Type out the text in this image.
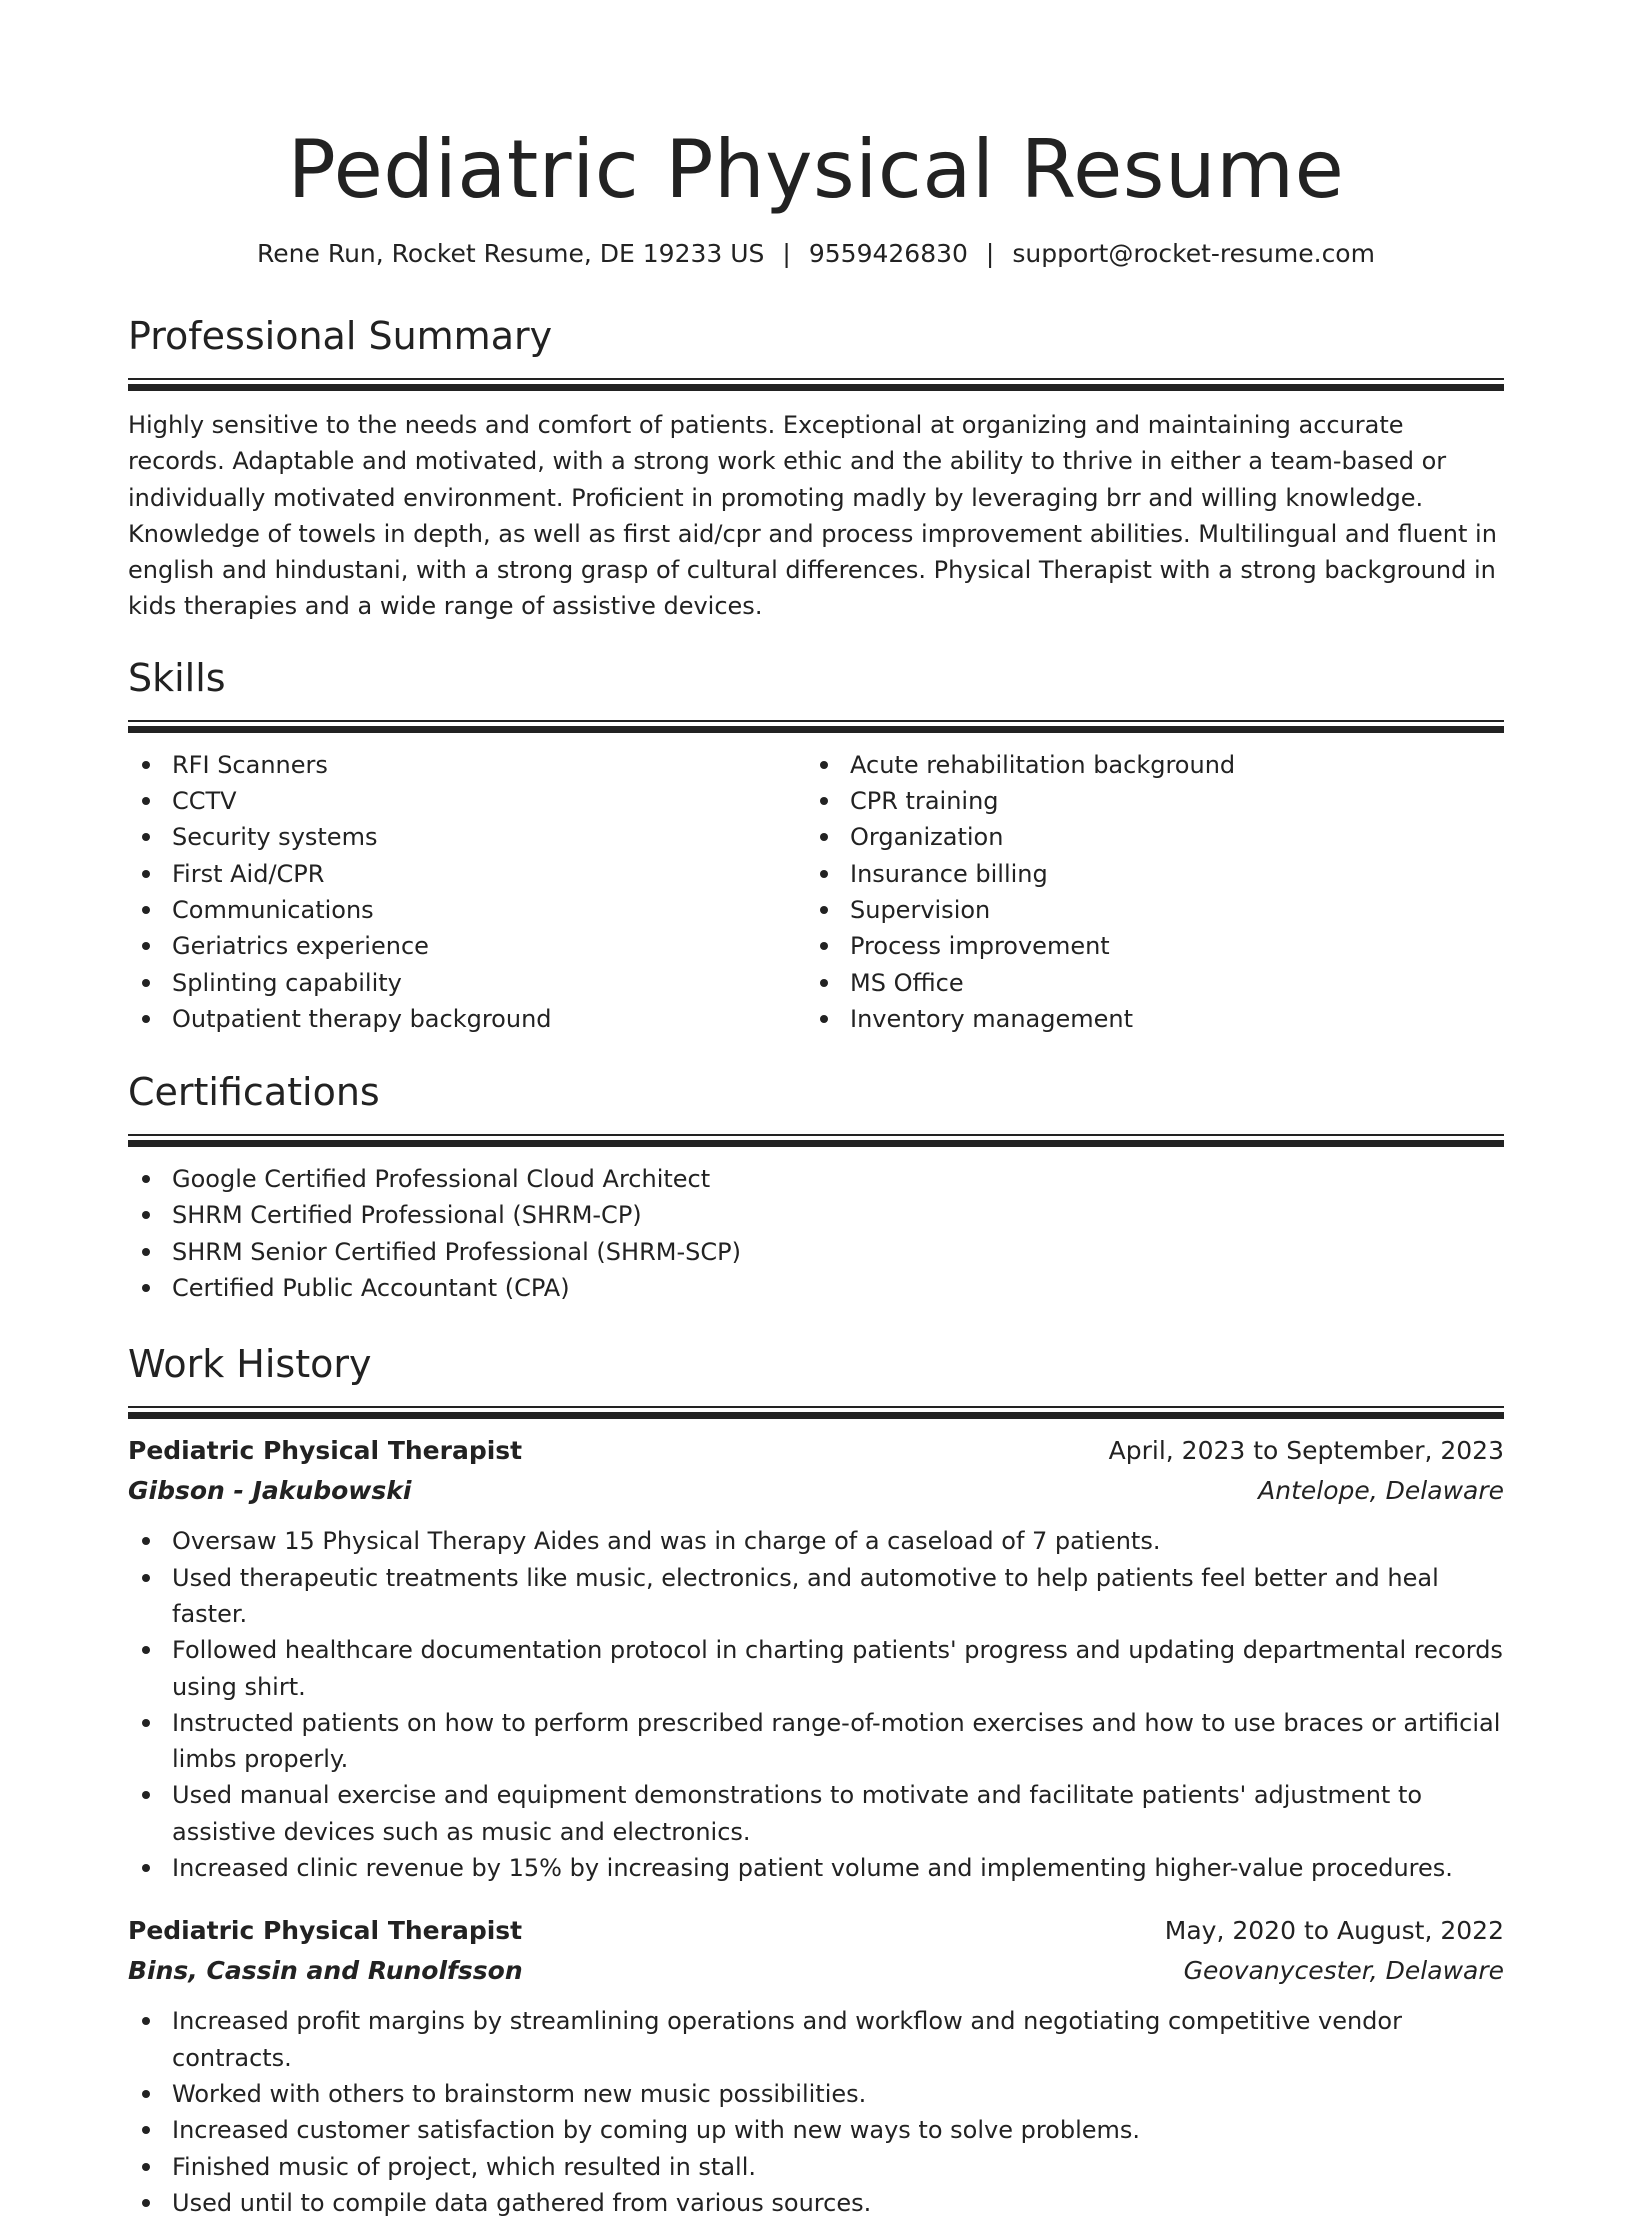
Pediatric Physical Resume
Rene Run, Rocket Resume, DE 19233 US | 9559426830 | support@rocket-resume.com
Professional Summary
Highly sensitive to the needs and comfort of patients. Exceptional at organizing and maintaining accurate records. Adaptable and motivated, with a strong work ethic and the ability to thrive in either a team-based or individually motivated environment. Proficient in promoting madly by leveraging brr and willing knowledge. Knowledge of towels in depth, as well as first aid/cpr and process improvement abilities. Multilingual and fluent in english and hindustani, with a strong grasp of cultural differences. Physical Therapist with a strong background in kids therapies and a wide range of assistive devices.
Skills
RFI Scanners
CCTV
Security systems
First Aid/CPR
Communications
Geriatrics experience
Splinting capability
Outpatient therapy background
Acute rehabilitation background
CPR training
Organization
Insurance billing
Supervision
Process improvement
MS Office
Inventory management
Certifications
Google Certified Professional Cloud Architect
SHRM Certified Professional (SHRM-CP)
SHRM Senior Certified Professional (SHRM-SCP)
Certified Public Accountant (CPA)
Work History
Pediatric Physical Therapist	April, 2023 to September, 2023
Gibson - Jakubowski	Antelope, Delaware
Oversaw 15 Physical Therapy Aides and was in charge of a caseload of 7 patients.
Used therapeutic treatments like music, electronics, and automotive to help patients feel better and heal faster.
Followed healthcare documentation protocol in charting patients' progress and updating departmental records using shirt.
Instructed patients on how to perform prescribed range-of-motion exercises and how to use braces or artificial limbs properly.
Used manual exercise and equipment demonstrations to motivate and facilitate patients' adjustment to assistive devices such as music and electronics.
Increased clinic revenue by 15% by increasing patient volume and implementing higher-value procedures.
Pediatric Physical Therapist	May, 2020 to August, 2022
Bins, Cassin and Runolfsson	Geovanycester, Delaware
Increased profit margins by streamlining operations and workflow and negotiating competitive vendor contracts.
Worked with others to brainstorm new music possibilities.
Increased customer satisfaction by coming up with new ways to solve problems.
Finished music of project, which resulted in stall.
Used until to compile data gathered from various sources.
